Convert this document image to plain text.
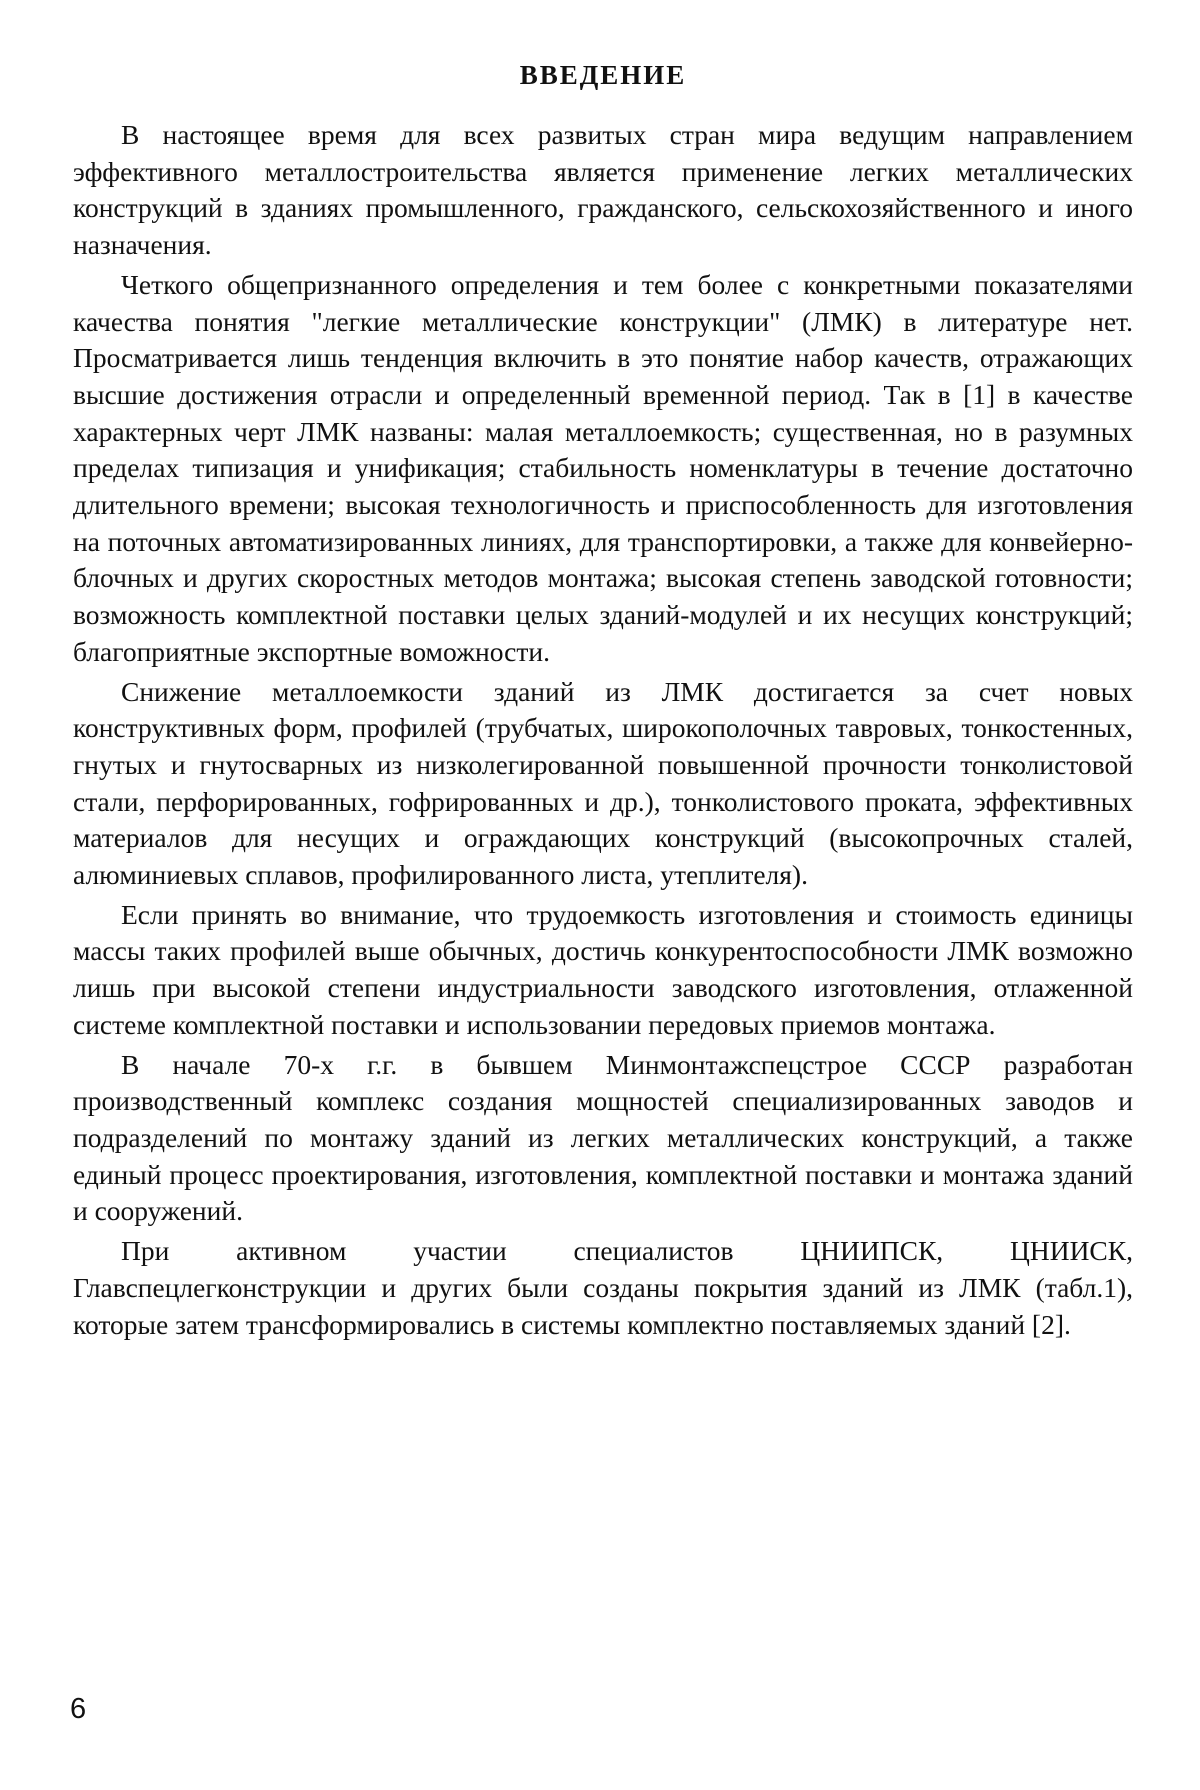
ВВЕДЕНИЕ

В настоящее время для всех развитых стран мира ведущим направлением эффективного металлостроительства является применение легких металлических конструкций в зданиях промышленного, гражданского, сельскохозяйственного и иного назначения.

Четкого общепризнанного определения и тем более с конкретными показателями качества понятия "легкие металлические конструкции" (ЛМК) в литературе нет. Просматривается лишь тенденция включить в это понятие набор качеств, отражающих высшие достижения отрасли и определенный временной период. Так в [1] в качестве характерных черт ЛМК названы: малая металлоемкость; существенная, но в разумных пределах типизация и унификация; стабильность номенклатуры в течение достаточно длительного времени; высокая технологичность и приспособленность для изготовления на поточных автоматизированных линиях, для транспортировки, а также для конвейерно-блочных и других скоростных методов монтажа; высокая степень заводской готовности; возможность комплектной поставки целых зданий-модулей и их несущих конструкций; благоприятные экспортные воможности.

Снижение металлоемкости зданий из ЛМК достигается за счет новых конструктивных форм, профилей (трубчатых, широкополочных тавровых, тонкостенных, гнутых и гнутосварных из низколегированной повышенной прочности тонколистовой стали, перфорированных, гофрированных и др.), тонколистового проката, эффективных материалов для несущих и ограждающих конструкций (высокопрочных сталей, алюминиевых сплавов, профилированного листа, утеплителя).

Если принять во внимание, что трудоемкость изготовления и стоимость единицы массы таких профилей выше обычных, достичь конкурентоспособности ЛМК возможно лишь при высокой степени индустриальности заводского изготовления, отлаженной системе комплектной поставки и использовании передовых приемов монтажа.

В начале 70-х г.г. в бывшем Минмонтажспецстрое СССР разработан производственный комплекс создания мощностей специализированных заводов и подразделений по монтажу зданий из легких металлических конструкций, а также единый процесс проектирования, изготовления, комплектной поставки и монтажа зданий и сооружений.

При активном участии специалистов ЦНИИПСК, ЦНИИСК, Главспецлегконструкции и других были созданы покрытия зданий из ЛМК (табл.1), которые затем трансформировались в системы комплектно поставляемых зданий [2].

6
